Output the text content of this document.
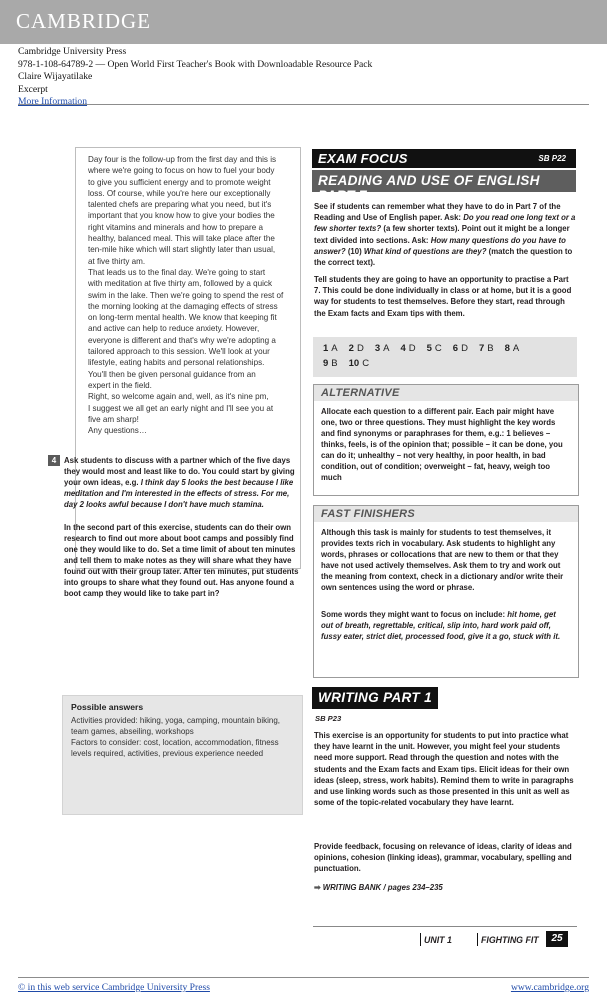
CAMBRIDGE
Cambridge University Press
978-1-108-64789-2 — Open World First Teacher's Book with Downloadable Resource Pack
Claire Wijayatilake
Excerpt
More Information

Day four is the follow-up from the first day and this is

where we're going to focus on how to fuel your body

to give you sufficient energy and to promote weight

loss. Of course, while you're here our exceptionally

talented chefs are preparing what you need, but it's

important that you know how to give your bodies the

right vitamins and minerals and how to prepare a

healthy, balanced meal. This will take place after the

ten-mile hike which will start slightly later than usual,

at five thirty am.

That leads us to the final day. We're going to start

with meditation at five thirty am, followed by a quick

swim in the lake. Then we're going to spend the rest of

the morning looking at the damaging effects of stress

on long-term mental health. We know that keeping fit

and active can help to reduce anxiety. However,

everyone is different and that's why we're adopting a

tailored approach to this session. We'll look at your

lifestyle, eating habits and personal relationships.

You'll then be given personal guidance from an

expert in the field.

Right, so welcome again and, well, as it's nine pm,

I suggest we all get an early night and I'll see you at

five am sharp!

Any questions…

4 Ask students to discuss with a partner which of the five days they would most and least like to do. You could start by giving your own ideas, e.g. I think day 5 looks the best because I like meditation and I'm interested in the effects of stress. For me, day 2 looks awful because I don't have much stamina.

In the second part of this exercise, students can do their own research to find out more about boot camps and possibly find one they would like to do. Set a time limit of about ten minutes and tell them to make notes as they will share what they have found out with their group later. After ten minutes, put students into groups to share what they found out. Has anyone found a boot camp they would like to take part in?

Possible answers

Activities provided: hiking, yoga, camping, mountain biking, team games, abseiling, workshops

Factors to consider: cost, location, accommodation, fitness levels required, activities, previous experience needed

EXAM FOCUS	SB P22
READING AND USE OF ENGLISH PART 7

See if students can remember what they have to do in Part 7 of the Reading and Use of English paper. Ask: Do you read one long text or a few shorter texts? (a few shorter texts). Point out it might be a longer text divided into sections. Ask: How many questions do you have to answer? (10) What kind of questions are they? (match the question to the correct text).

Tell students they are going to have an opportunity to practise a Part 7. This could be done individually in class or at home, but it is a good way for students to test themselves. Before they start, read through the Exam facts and Exam tips with them.

1 A 2 D 3 A 4 D 5 C 6 D 7 B 8 A
9 B 10 C
ALTERNATIVE

Allocate each question to a different pair. Each pair might have one, two or three questions. They must highlight the key words and find synonyms or paraphrases for them, e.g.: 1 believes – thinks, feels, is of the opinion that; possible – it can be done, you can do it; unhealthy – not very healthy, in poor health, in bad condition, out of condition; overweight – fat, heavy, weigh too much

FAST FINISHERS

Although this task is mainly for students to test themselves, it provides texts rich in vocabulary. Ask students to highlight any words, phrases or collocations that are new to them or that they have not used actively themselves. Ask them to try and work out the meaning from context, check in a dictionary and/or write their own sentences using the word or phrase.

Some words they might want to focus on include: hit home, get out of breath, regrettable, critical, slip into, hard work paid off, fussy eater, strict diet, processed food, give it a go, stuck with it.

WRITING PART 1
SB P23

This exercise is an opportunity for students to put into practice what they have learnt in the unit. However, you might feel your students need more support. Read through the question and notes with the students and the Exam facts and Exam tips. Elicit ideas for their own ideas (sleep, stress, work habits). Remind them to write in paragraphs and use linking words such as those presented in this unit as well as some of the topic-related vocabulary they have learnt.

Provide feedback, focusing on relevance of ideas, clarity of ideas and opinions, cohesion (linking ideas), grammar, vocabulary, spelling and punctuation.

➡ WRITING BANK / pages 234–235
UNIT 1	FIGHTING FIT	25
© in this web service Cambridge University Press	www.cambridge.org
